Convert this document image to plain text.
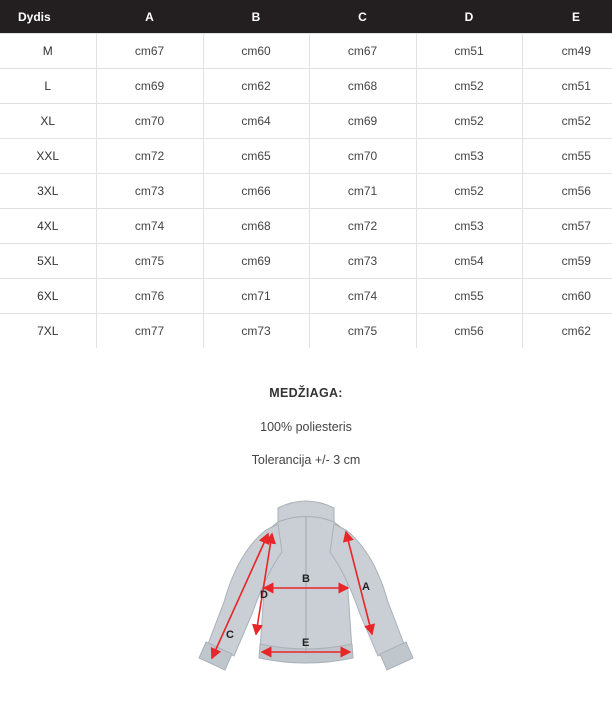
Dydis	A	B	C	D	E
M	cm67	cm60	cm67	cm51	cm49
L	cm69	cm62	cm68	cm52	cm51
XL	cm70	cm64	cm69	cm52	cm52
XXL	cm72	cm65	cm70	cm53	cm55
3XL	cm73	cm66	cm71	cm52	cm56
4XL	cm74	cm68	cm72	cm53	cm57
5XL	cm75	cm69	cm73	cm54	cm59
6XL	cm76	cm71	cm74	cm55	cm60
7XL	cm77	cm73	cm75	cm56	cm62
MEDŽIAGA:
100% poliesteris
Tolerancija +/- 3 cm
A
B
C
D
E
